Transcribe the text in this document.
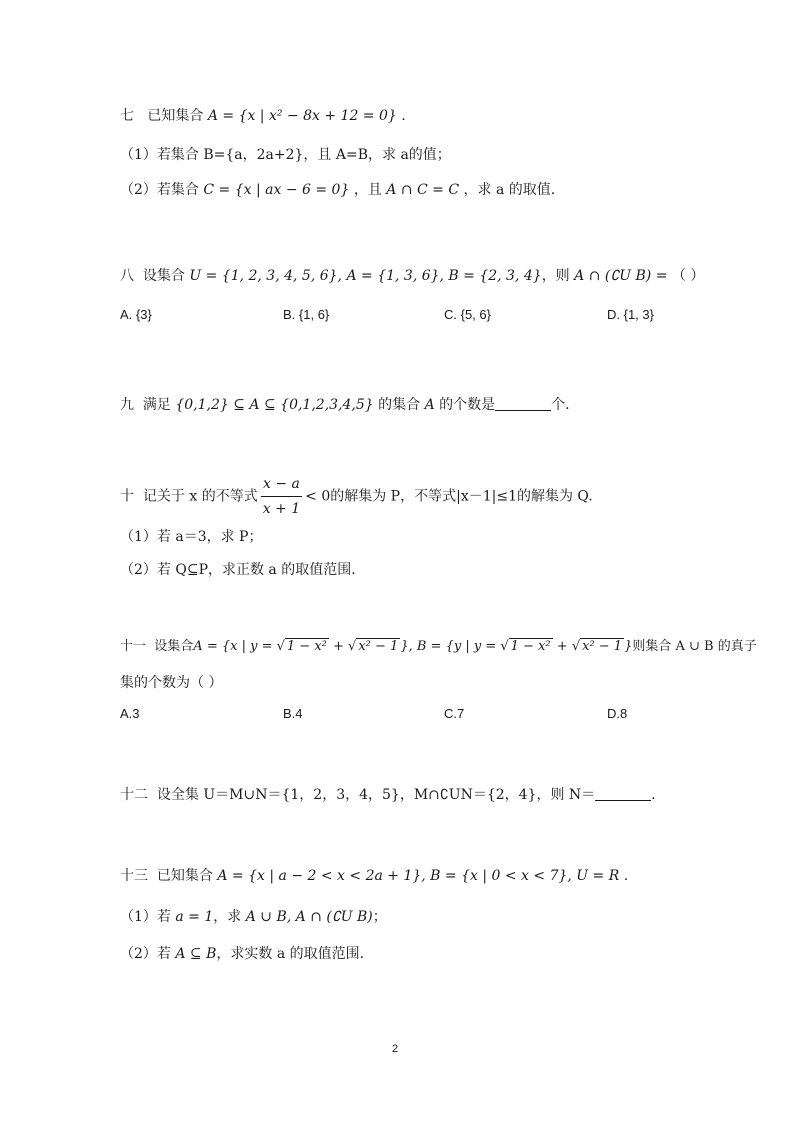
七 已知集合 A = {x | x² − 8x + 12 = 0} .
（1）若集合 B={a，2a+2}，且 A=B，求 a的值；
（2）若集合 C = {x | ax − 6 = 0} ，且 A ∩ C = C ，求 a 的取值.
八 设集合 U = {1, 2, 3, 4, 5, 6}, A = {1, 3, 6}, B = {2, 3, 4}，则 A ∩ (∁U B) = （ ）
A. {3}	B. {1, 6}	C. {5, 6}	D. {1, 3}
九 满足 {0,1,2} ⊆ A ⊆ {0,1,2,3,4,5} 的集合 A 的个数是	个.
十 记关于 x 的不等式 $\frac{x - a}{x + 1} < 0$的解集为 P，不等式|x－1|≤1的解集为 Q.
（1）若 a＝3，求 P；
（2）若 Q⊆P，求正数 a 的取值范围.
十一 设集合A = {x | y = √ 1 − x² + √ x² − 1 }, B = {y | y = √ 1 − x² + √ x² − 1 }则集合 A ∪ B 的真子
集的个数为（ ）
A.3	B.4	C.7	D.8
十二 设全集 U＝M∪N＝{1，2，3，4，5}，M∩∁UN＝{2，4}，则 N＝	.
十三 已知集合 A = {x | a − 2 < x < 2a + 1}, B = {x | 0 < x < 7}, U = R .
（1）若 a = 1，求 A ∪ B, A ∩ (∁U B)；
（2）若 A ⊆ B，求实数 a 的取值范围.
2
